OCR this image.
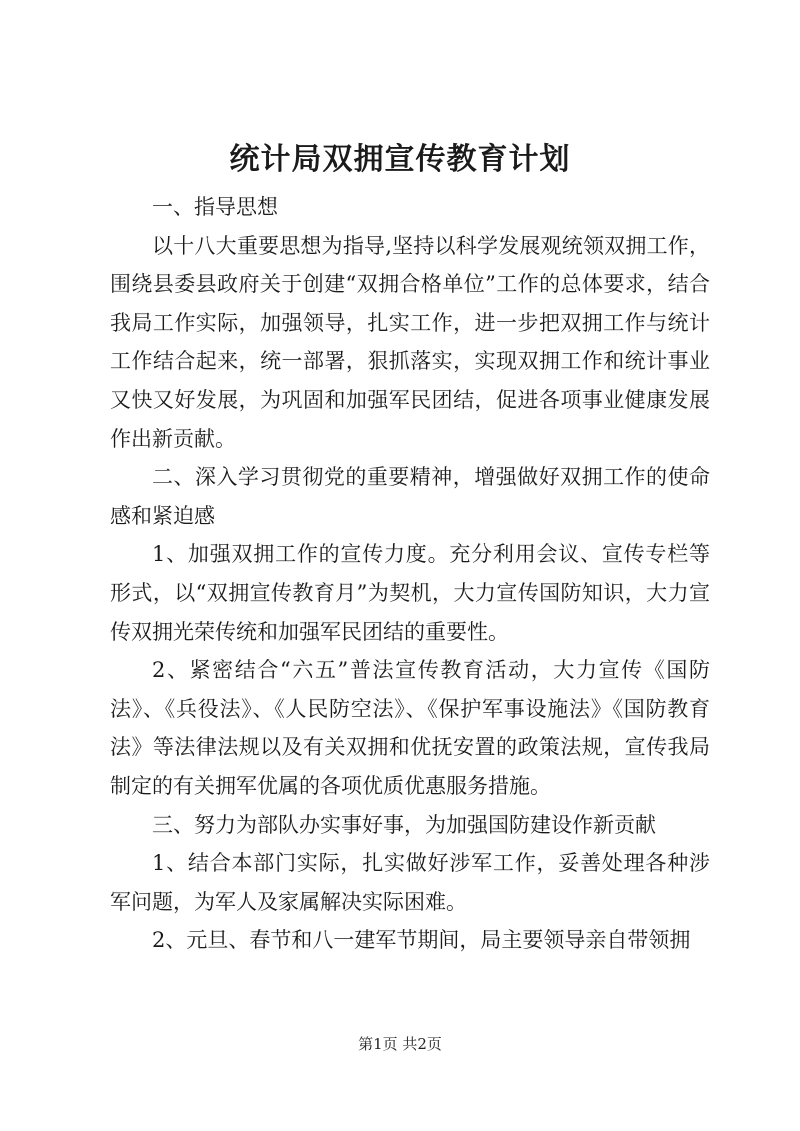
统计局双拥宣传教育计划

一、指导思想

以十八大重要思想为指导,坚持以科学发展观统领双拥工作，围绕县委县政府关于创建“双拥合格单位”工作的总体要求，结合我局工作实际，加强领导，扎实工作，进一步把双拥工作与统计工作结合起来，统一部署，狠抓落实，实现双拥工作和统计事业又快又好发展，为巩固和加强军民团结，促进各项事业健康发展作出新贡献。

二、深入学习贯彻党的重要精神，增强做好双拥工作的使命感和紧迫感

1、加强双拥工作的宣传力度。充分利用会议、宣传专栏等形式，以“双拥宣传教育月”为契机，大力宣传国防知识，大力宣传双拥光荣传统和加强军民团结的重要性。

2、紧密结合“六五”普法宣传教育活动，大力宣传《国防法》、《兵役法》、《人民防空法》、《保护军事设施法》《国防教育法》等法律法规以及有关双拥和优抚安置的政策法规，宣传我局制定的有关拥军优属的各项优质优惠服务措施。

三、努力为部队办实事好事，为加强国防建设作新贡献

1、结合本部门实际，扎实做好涉军工作，妥善处理各种涉军问题，为军人及家属解决实际困难。

2、元旦、春节和八一建军节期间，局主要领导亲自带领拥

第1页 共2页
